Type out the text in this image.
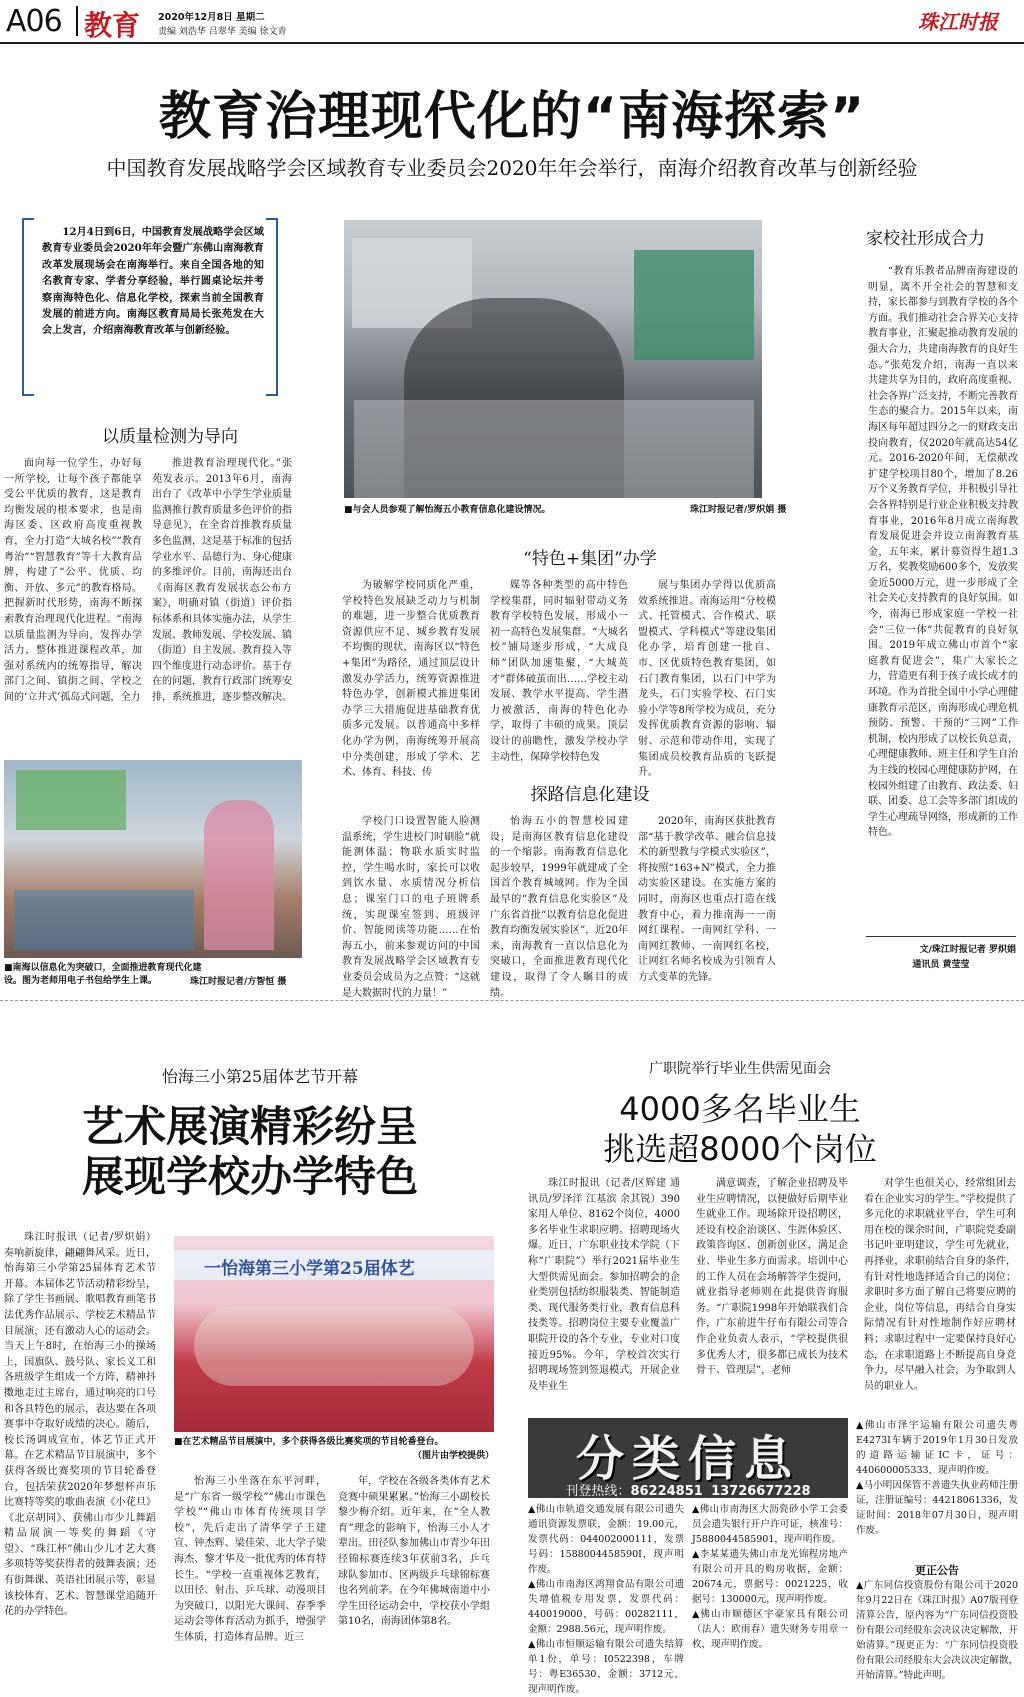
A06 教育 2020年12月8日 星期二
责编 刘浩华 吕翠华 美编 徐文青	珠江时报
教育治理现代化的“南海探索”
中国教育发展战略学会区域教育专业委员会2020年年会举行，南海介绍教育改革与创新经验

12月4日到6日，中国教育发展战略学会区域教育专业委员会2020年年会暨广东佛山南海教育改革发展现场会在南海举行。来自全国各地的知名教育专家、学者分享经验，举行圆桌论坛并考察南海特色化、信息化学校，探索当前全国教育发展的前进方向。南海区教育局局长张苑发在大会上发言，介绍南海教育改革与创新经验。

以质量检测为导向

面向每一位学生，办好每一所学校，让每个孩子都能享受公平优质的教育，这是教育均衡发展的根本要求，也是南海区委、区政府高度重视教育，全力打造“大城名校”“教育粤治”“智慧教育”等十大教育品牌，构建了“公平、优质、均衡、开放、多元”的教育格局。把握新时代形势，南海不断探索教育治理现代化进程。“南海以质量监测为导向，发挥办学活力，整体推进课程改革，加强对系统内的统筹指导，解决部门之间、镇街之间、学校之间的‘立井式’孤岛式问题，全力

推进教育治理现代化。”张苑发表示。2013年6月，南海出台了《改革中小学生学业质量监测推行教育质量多色评价的指导意见》，在全省首推教育质量多色监测，这是基于标准的包括学业水平、品德行为、身心健康的多维评价。目前，南海还出台《南海区教育发展状态公布方案》，明确对镇（街道）评价指标体系和具体实施办法，从学生发展、教师发展、学校发展、镇（街道）自主发展、教育投入等四个维度进行动态评价。基于存在的问题，教育行政部门统筹安排，系统推进，逐步整改解决。

■与会人员参观了解怡海五小教育信息化建设情况。	珠江时报记者/罗炽娟 摄
“特色+集团”办学

为破解学校同质化严重，学校特色发展缺乏动力与机制的难题，进一步整合优质教育资源供应不足、城乡教育发展不均衡的现状，南海区以“特色+集团”为路径，通过顶层设计激发办学活力，统筹资源推进特色办学，创新模式推进集团办学三大措施促进基础教育优质多元发展。以普通高中多样化办学为例，南海统筹开展高中分类创建，形成了学术、艺术、体育、科技、传

媒等各种类型的高中特色学校集群，同时辐射带动义务教育学校特色发展，形成小一初一高特色发展集群。“大城名校”铺局逐步形成，“大成良师”团队加速集聚，“大城英才”群体破茧而出……学校主动发展、教学水平提高、学生潜力被激活，南海的特色化办学，取得了丰硕的成果。顶层设计的前瞻性，激发学校办学主动性，保障学校特色发

展与集团办学得以优质高效系统推进。南海运用“分校模式、托管模式、合作模式、联盟模式、学科模式”等建设集团化办学，培育创建一批自、市、区优质特色教育集团，如石门教育集团，以石门中学为龙头，石门实验学校、石门实验小学等8所学校为成员，充分发挥优质教育资源的影响、辐射、示范和带动作用，实现了集团成员校教育品质的飞跃提升。

■南海以信息化为突破口，全面推进教育现代化建设。图为老师用电子书包给学生上课。	珠江时报记者/方智恒 摄
探路信息化建设

学校门口设置智能人脸测温系统，学生进校门时刷脸“就能测体温；物联水质实时监控，学生喝水时，家长可以收到饮水量、水质情况分析信息；课室门口的电子班牌系统，实现课室签到、班级评价、智能阅读等功能……在怡海五小，前来参观访问的中国教育发展战略学会区域教育专业委员会成员为之点赞：“这就是大数据时代的力量！”

怡海五小的智慧校园建设，是南海区教育信息化建设的一个缩影。南海教育信息化起步较早，1999年就建成了全国首个教育城域网。作为全国最早的“教育信息化实验区”及广东省首批“以教育信息化促进教育均衡发展实验区”，近20年来，南海教育一直以信息化为突破口，全面推进教育现代化建设，取得了令人瞩目的成绩。

2020年，南海区获批教育部“基于教学改革、融合信息技术的新型教与学模式实验区”，将按照“163+N”模式，全力推动实验区建设。在实施方案的同时，南海区也重点打造在线教育中心，着力推南海一一南网红课程、一南网红学科、一南网红教师、一南网红名校，让网红名师名校成为引领育人方式变革的先锋。

家校社形成合力

“教育乐教者品牌南海建设的明显，离不开全社会的智慧和支持，家长都参与到教育学校的各个方面。我们推动社会合界关心支持教育事业，汇聚起推动教育发展的强大合力，共建南海教育的良好生态。”张苑发介绍，南海一直以来共建共享为目的，政府高度重视、社会各界广泛支持，不断完善教育生态的聚合力。2015年以来，南海区每年超过四分之一的财政支出投向教育，仅2020年就高达54亿元。2016-2020年间，无偿献改扩建学校项目80个，增加了8.26万个义务教育学位，并积极引导社会各界特别是行业企业积极支持教育事业，2016年8月成立南海教育发展促进会并设立南海教育基金，五年来，累计募资得生超1.3万名，奖教奖励600多个，发放奖金近5000万元，进一步形成了全社会关心支持教育的良好氛围。如今，南海已形成家庭一学校一社会“三位一体”共促教育的良好氛围。2019年成立佛山市首个“家庭教育促进会”，集广大家长之力，营造更有利于孩子成长成才的环境。作为首批全国中小学心理健康教育示范区，南海形成心理危机预防、预警、干预的“三网”工作机制，校内形成了以校长负总责，心理健康教师、班主任和学生自治为主线的校园心理健康防护网，在校园外组建了由教育、政法委、妇联、团委、总工会等多部门组成的学生心理疏导网络，形成新的工作特色。

文/珠江时报记者 罗炽娟
通讯员 黄莹莹
怡海三小第25届体艺节开幕
艺术展演精彩纷呈
展现学校办学特色

珠江时报讯（记者/罗炽娟）奏响新旋律，翩翩舞风采。近日，怡海第三小学第25届体育艺术节开幕。本届体艺节活动精彩纷呈，除了学生书画展、歌唱教育画笔书法优秀作品展示、学校艺术精品节目展演，还有激动人心的运动会。当天上午8时，在怡海三小的操场上，国旗队、鼓号队、家长义工和各班级学生组成一个方阵，精神抖擞地走过主席台，通过响亮的口号和各具特色的展示，表达要在各项赛事中夺取好成绩的决心。随后，校长汤调成宣布，体艺节正式开幕。在艺术精品节目展演中，多个获得各级比赛奖项的节目轮番登台，包括荣获2020年梦想杯声乐比赛特等奖的歌曲表演《小花旦》《北京胡同》、获佛山市少儿舞蹈精品展演一等奖的舞蹈《守望》、“珠江杯”佛山少儿才艺大赛多项特等奖获得者的鼓舞表演；还有街舞课、英语社团展示等，彰显该校体育、艺术、智慧课堂追随开花的办学特色。

一怡海第三小学第25届体艺
■在艺术精品节目展演中，多个获得各级比赛奖项的节目轮番登台。
（图片由学校提供）

怡海三小坐落在东平河畔，是“广东省一级学校”“佛山市课色学校”“佛山市体育传统项目学校”，先后走出了清华学子王建宣、钟杰辉、梁佳荣、北大学子梁海杰、黎才华及一批优秀的体育特长生。“学校一直重视体艺教育，以田径、射击、乒乓球、动漫项目为突破口，以阳光大课间、春季季运动会等体育活动为抓手，增强学生体质，打造体育品牌。近三

年，学校在各级各类体育艺术竞赛中硕果累累。”怡海三小副校长黎少梅介绍。近年来，在“全人教育”理念的影响下，怡海三小人才辈出。田径队参加佛山市青少年田径锦标赛连续3年获前3名，乒乓球队参加市、区两级乒乓球锦标赛也名列前茅。在今年佛城南道中小学生田径运动会中，学校获小学组第10名，南海团体第8名。

广职院举行毕业生供需见面会
4000多名毕业生
挑选超8000个岗位

珠江时报讯（记者/区辉建 通讯员/罗泽洋 江基滨 余其锐）390家用人单位、8162个岗位，4000多名毕业生求职应聘。招聘现场火爆。近日，广东职业技术学院（下称“广职院”）举行2021届毕业生大型供需见面会。参加招聘会的企业类别包括纺织服装类、智能制造类、现代服务类行业，教育信息科技类等。招聘岗位主要专业覆盖广职院开设的各个专业，专业对口度接近95%。今年，学校首次实行招聘现场签到签退模式，开展企业及毕业生

满意调查，了解企业招聘及毕业生应聘情况，以便做好后期毕业生就业工作。现场除开设招聘区，还设有校企治谈区、生涯体验区、政策咨询区、创新创业区，满足企业、毕业生多方面需求。培训中心的工作人员在会场解答学生提问，就业指导老师则在此提供咨询服务。“广职院1998年开始联我们合作，广东前进牛仔布有限公司等合作企业负责人表示，“学校提供很多优秀人才，很多都已成长为技术骨干、管理层”，老师

对学生也很关心，经常组团去看在企业实习的学生。”学校提供了多元化的求职就业平台，学生可利用在校的课余时间，广职院党委副书记叶亚明建议，学生可先就业，再择业，求职前结合自身的条件，有针对性地选择适合自己的岗位；求职时多方面了解自己将要应聘的企业，岗位等信息，再结合自身实际情况有针对性地制作好应聘材料；求职过程中一定要保持良好心态，在求职道路上不断提高自身竞争力，尽早融入社会，为争取到人员的职业人。

分类信息
刊登热线：86224851 13726677228

▲佛山市轨道交通发展有限公司遗失通讯资源发票联，金额：19.00元，发票代码：044002000111，发票号码：1588004458590I，现声明作废。

▲佛山市南海区鸿翔食品有限公司遗失增值税专用发票，发票代码：440019000，号码：00282111，金额：2988.56元，现声明作废。

▲佛山市恒顺运输有限公司遗失结算单1份，单号：I0522398，车牌号：粤E36530，金额：3712元，现声明作废。

▲佛山市南海区大沥瓷砂小学工会委员会遗失银行开户许可证，核准号：J5880044585901，现声明作废。

▲李某某遗失佛山市龙光锦程房地产有限公司开具的购房收据，金额：20674元，票据号：0021225，收据号：130000元，现声明作废。

▲佛山市顺德区宇豪家具有限公司（法人：欧雨春）遗失财务专用章一枚，现声明作废。

▲佛山市泽宇运输有限公司遗失粤E4273I车辆于2019年1月30日发放的道路运输证IC卡，证号：440600005333，现声明作废。

▲马小明因保管不善遗失执业药师注册证，注册证编号：44218061336，发证时间：2018年07月30日，现声明作废。

更正公告

▲广东同信投资股份有限公司于2020年9月22日在《珠江时报》A07版刊登清算公告，原内容为“广东同信投资股份有限公司经股东会决议决定解散，开始清算。”现更正为：“广东同信投资股份有限公司经股东大会决议决定解散，开始清算。”特此声明。
